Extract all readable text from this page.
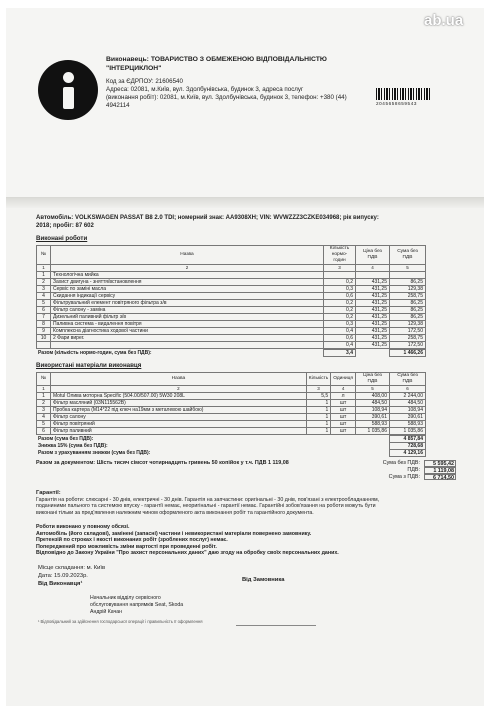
Виконавець: ТОВАРИСТВО З ОБМЕЖЕНОЮ ВІДПОВІДАЛЬНІСТЮ
"ІНТЕРЦИКЛОН"
Код за ЄДРПОУ: 21606540
Адреса: 02081, м.Київ, вул. Здолбунівська, будинок 3, адреса послуг
(виконання робіт): 02081, м.Київ, вул. Здолбунівська, будинок 3, телефон: +380 (44)
4942114	2045658659543
Автомобіль: VOLKSWAGEN PASSAT B8 2.0 TDI; номерний знак: АА9308ХН; VIN: WVWZZZ3CZKE034968; рік випуску:
2018; пробіг: 87 602
Виконані роботи
№	Назва	Кількість нормо-годин	Ціна без ПДВ	Сума без ПДВ
1	2	3	4	5
1	Технологічна мийка			
2	Захист двигуна - зняття/встановлення	0,2	431,25	86,25
3	Сервіс по заміні масла	0,3	431,25	129,38
4	Скидання індикації сервісу	0,6	431,25	258,75
5	Фільтрувальний елемент повітряного фільтра з/в	0,2	431,25	86,25
6	Фільтр салону - заміна	0,2	431,25	86,25
7	Дизельний паливний фільтр з/в	0,2	431,25	86,25
8	Паливна система - видалення повітря	0,3	431,25	129,38
9	Комплексна діагностика ходової частини	0,4	431,25	172,50
10	2 Фари вирег.	0,6	431,25	258,75
		0,4	431,25	172,50
Разом (кількість нормо-годин, сума без ПДВ):	3,4		1 466,26
Використані матеріали виконавця
№	Назва	Кількість	Одиниця	Ціна без ПДВ	Сума без ПДВ
1	2	3	4	5	6
1	Motul Олива моторна Specific (504.00/507.00) 5W30 208L	5,5	л	408,00	2 244,00
2	Фільтр масляний (03N115562B)	1	шт	484,50	484,50
3	Пробка картера (М14*22 під ключ на19мм з металевою шайбою)	1	шт	108,94	108,94
4	Фільтр салону	1	шт	390,61	390,61
5	Фільтр повітряний	1	шт	588,93	588,93
6	Фільтр паливний	1	шт	1 035,86	1 035,86
Разом (сума без ПДВ):	4 857,84
Знижка 15% (сума без ПДВ):	728,68
Разом з урахуванням знижки (сума без ПДВ):	4 129,16
Разом за документом: Шість тисяч сімсот чотирнадцять гривень 50 копійок у т.ч. ПДВ 1 119,08	Сума без ПДВ:	5 595,42
ПДВ:	1 119,08
Сума з ПДВ:	6 714,50
Гарантії:
Гарантія на роботи: слюсарні - 30 днів, електричні - 30 днів. Гарантія на запчастини: оригінальні - 30 днів, пов'язані з електрообладнанням,
поданиними пального та системою впуску - гарантії немає, неоригінальні - гарантії немає. Гарантійні зобов'язання на роботи можуть бути
виконані тільки за пред'явлення належним чином оформленого акта виконання робіт та гарантійного документа.
Роботи виконано у повному обсязі.
Автомобіль (його складові), замінені (запасні) частини і невикористані матеріали повернено замовнику.
Претензій по строках і якості виконаних робіт (зроблених послуг) немає.
Попереджений про можливість зміни вартості при проведенні робіт.
Відповідно до Закону України "Про захист персональних даних" даю згоду на обробку своїх персональних даних.
Місце складання: м. Київ
Дата: 15.09.2023р.
Від Виконавця¹
Від Замовника
Начальник відділу сервісного
обслуговування напрямків Seat, Skoda
Андрій Качан
¹ Відповідальний за здійснення господарської операції і правильність її оформлення
ab.ua
